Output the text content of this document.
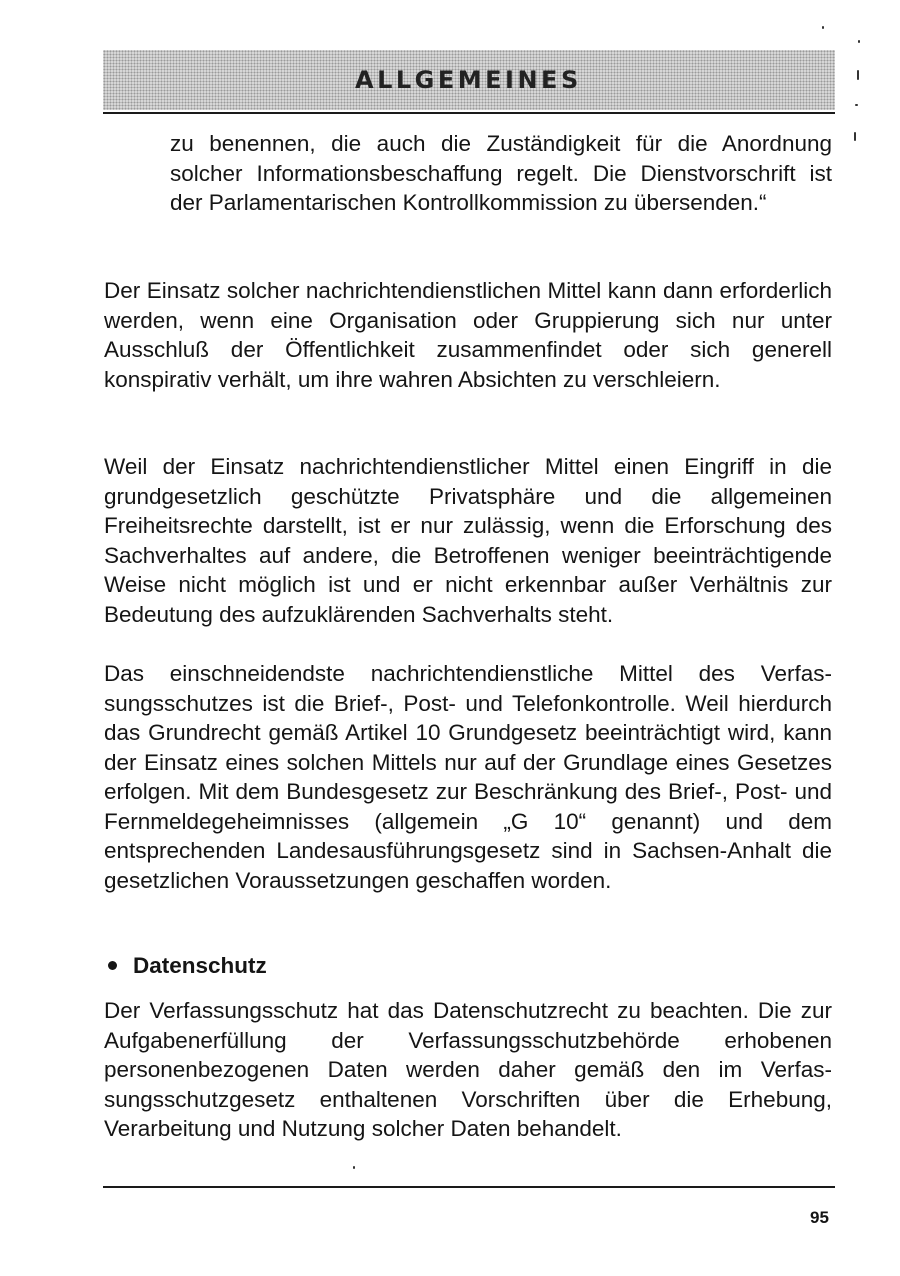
ALLGEMEINES

zu benennen, die auch die Zuständigkeit für die Anordnung solcher Informationsbeschaffung regelt. Die Dienstvorschrift ist der Parlamentarischen Kontrollkommission zu übersenden.“

Der Einsatz solcher nachrichtendienstlichen Mittel kann dann erforderlich werden, wenn eine Organisation oder Gruppierung sich nur unter Ausschluß der Öffentlichkeit zusammenfindet oder sich generell konspirativ verhält, um ihre wahren Absichten zu verschleiern.

Weil der Einsatz nachrichtendienstlicher Mittel einen Eingriff in die grundgesetzlich geschützte Privatsphäre und die allgemeinen Freiheitsrechte darstellt, ist er nur zulässig, wenn die Erforschung des Sachverhaltes auf andere, die Betroffenen weniger beeinträchtigende Weise nicht möglich ist und er nicht erkennbar außer Verhältnis zur Bedeutung des aufzuklärenden Sachverhalts steht.

Das einschneidendste nachrichtendienstliche Mittel des Verfassungsschutzes ist die Brief-, Post- und Telefonkontrolle. Weil hierdurch das Grundrecht gemäß Artikel 10 Grundgesetz beeinträchtigt wird, kann der Einsatz eines solchen Mittels nur auf der Grundlage eines Gesetzes erfolgen. Mit dem Bundesgesetz zur Beschränkung des Brief-, Post- und Fernmeldegeheimnisses (allgemein „G 10“ genannt) und dem entsprechenden Landesausführungsgesetz sind in Sachsen-Anhalt die gesetzlichen Voraussetzungen geschaffen worden.

Datenschutz

Der Verfassungsschutz hat das Datenschutzrecht zu beachten. Die zur Aufgabenerfüllung der Verfassungsschutzbehörde erhobenen personenbezogenen Daten werden daher gemäß den im Verfassungsschutzgesetz enthaltenen Vorschriften über die Erhebung, Verarbeitung und Nutzung solcher Daten behandelt.

95
